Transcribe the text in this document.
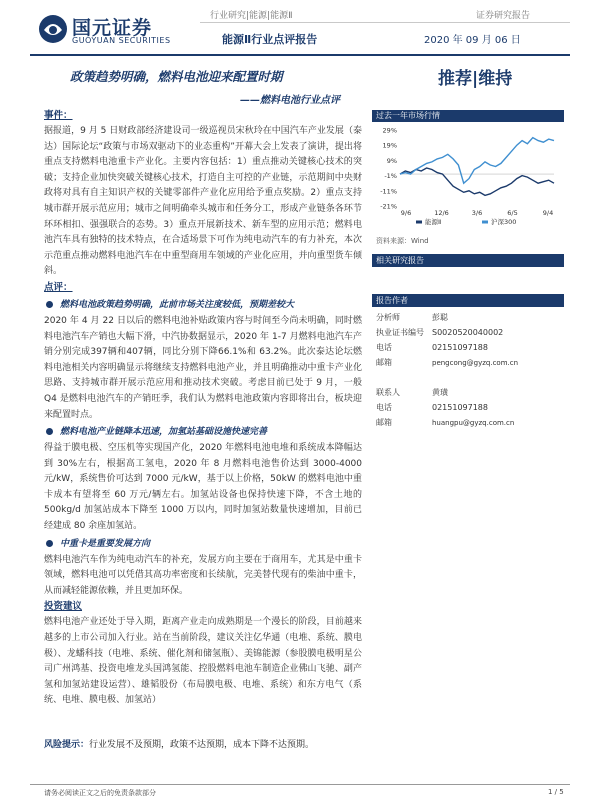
国元证券
GUOYUAN SECURITIES
行业研究|能源|能源Ⅱ	证券研究报告
能源Ⅱ行业点评报告	2020 年 09 月 06 日
政策趋势明确，燃料电池迎来配置时期
——燃料电池行业点评
推荐|维持

事件：

据报道，9 月 5 日财政部经济建设司一级巡视员宋秋玲在中国汽车产业发展（泰达）国际论坛“政策与市场双驱动下的业态重构”开幕大会上发表了演讲，提出将重点支持燃料电池重卡产业化。主要内容包括：1）重点推动关键核心技术的突破；支持企业加快突破关键核心技术，打造自主可控的产业链，示范期间中央财政将对具有自主知识产权的关键零部件产业化应用给予重点奖励。2）重点支持城市群开展示范应用；城市之间明确牵头城市和任务分工，形成产业链条各环节环环相扣、强强联合的态势。3）重点开展新技术、新车型的应用示范；燃料电池汽车具有独特的技术特点，在合适场景下可作为纯电动汽车的有力补充，本次示范重点推动燃料电池汽车在中重型商用车领域的产业化应用，并向重型货车倾斜。

点评：

燃料电池政策趋势明确，此前市场关注度较低，预期差较大

2020 年 4 月 22 日以后的燃料电池补贴政策内容与时间至今尚未明确，同时燃料电池汽车产销也大幅下滑，中汽协数据显示，2020 年 1-7 月燃料电池汽车产销分别完成397辆和407辆，同比分别下降66.1%和 63.2%。此次泰达论坛燃料电池相关内容明确显示将继续支持燃料电池产业，并且明确推动中重卡产业化思路、支持城市群开展示范应用和推动技术突破。考虑目前已处于 9 月，一般 Q4 是燃料电池汽车的产销旺季，我们认为燃料电池政策内容即将出台，板块迎来配置时点。

燃料电池产业链降本迅速，加氢站基础设施快速完善

得益于膜电极、空压机等实现国产化，2020 年燃料电池电堆和系统成本降幅达到 30%左右，根据高工氢电，2020 年 8 月燃料电池售价达到 3000-4000 元/kW，系统售价可达到 7000 元/kW，基于以上价格，50kW 的燃料电池中重卡成本有望将至 60 万元/辆左右。加氢站设备也保持快速下降，不含土地的 500kg/d 加氢站成本下降至 1000 万以内，同时加氢站数量快速增加，目前已经建成 80 余座加氢站。

中重卡是重要发展方向

燃料电池汽车作为纯电动汽车的补充，发展方向主要在于商用车，尤其是中重卡领域，燃料电池可以凭借其高功率密度和长续航，完美替代现有的柴油中重卡，从而减轻能源依赖，并且更加环保。

投资建议

燃料电池产业还处于导入期，距离产业走向成熟期是一个漫长的阶段，目前越来越多的上市公司加入行业。站在当前阶段，建议关注亿华通（电堆、系统、膜电极）、龙蟠科技（电堆、系统、催化剂和储氢瓶）、美锦能源（参股膜电极明星公司广州鸿基、投资电堆龙头国鸿氢能、控股燃料电池车制造企业佛山飞驰、副产氢和加氢站建设运营）、雄韬股份（布局膜电极、电堆、系统）和东方电气（系统、电堆、膜电极、加氢站）

风险提示：行业发展不及预期，政策不达预期，成本下降不达预期。
过去一年市场行情
29%
19%
9%
-1%
-11%
-21%
9/6	12/6	3/6	6/5	9/4
能源Ⅱ	沪深300
资料来源：Wind
相关研究报告
报告作者
分析师	彭聪
执业证书编号 S0020520040002
电话	02151097188
邮箱	pengcong@gyzq.com.cn
联系人	黄璜
电话	02151097188
邮箱	huangpu@gyzq.com.cn
请务必阅读正文之后的免责条款部分	1 / 5
